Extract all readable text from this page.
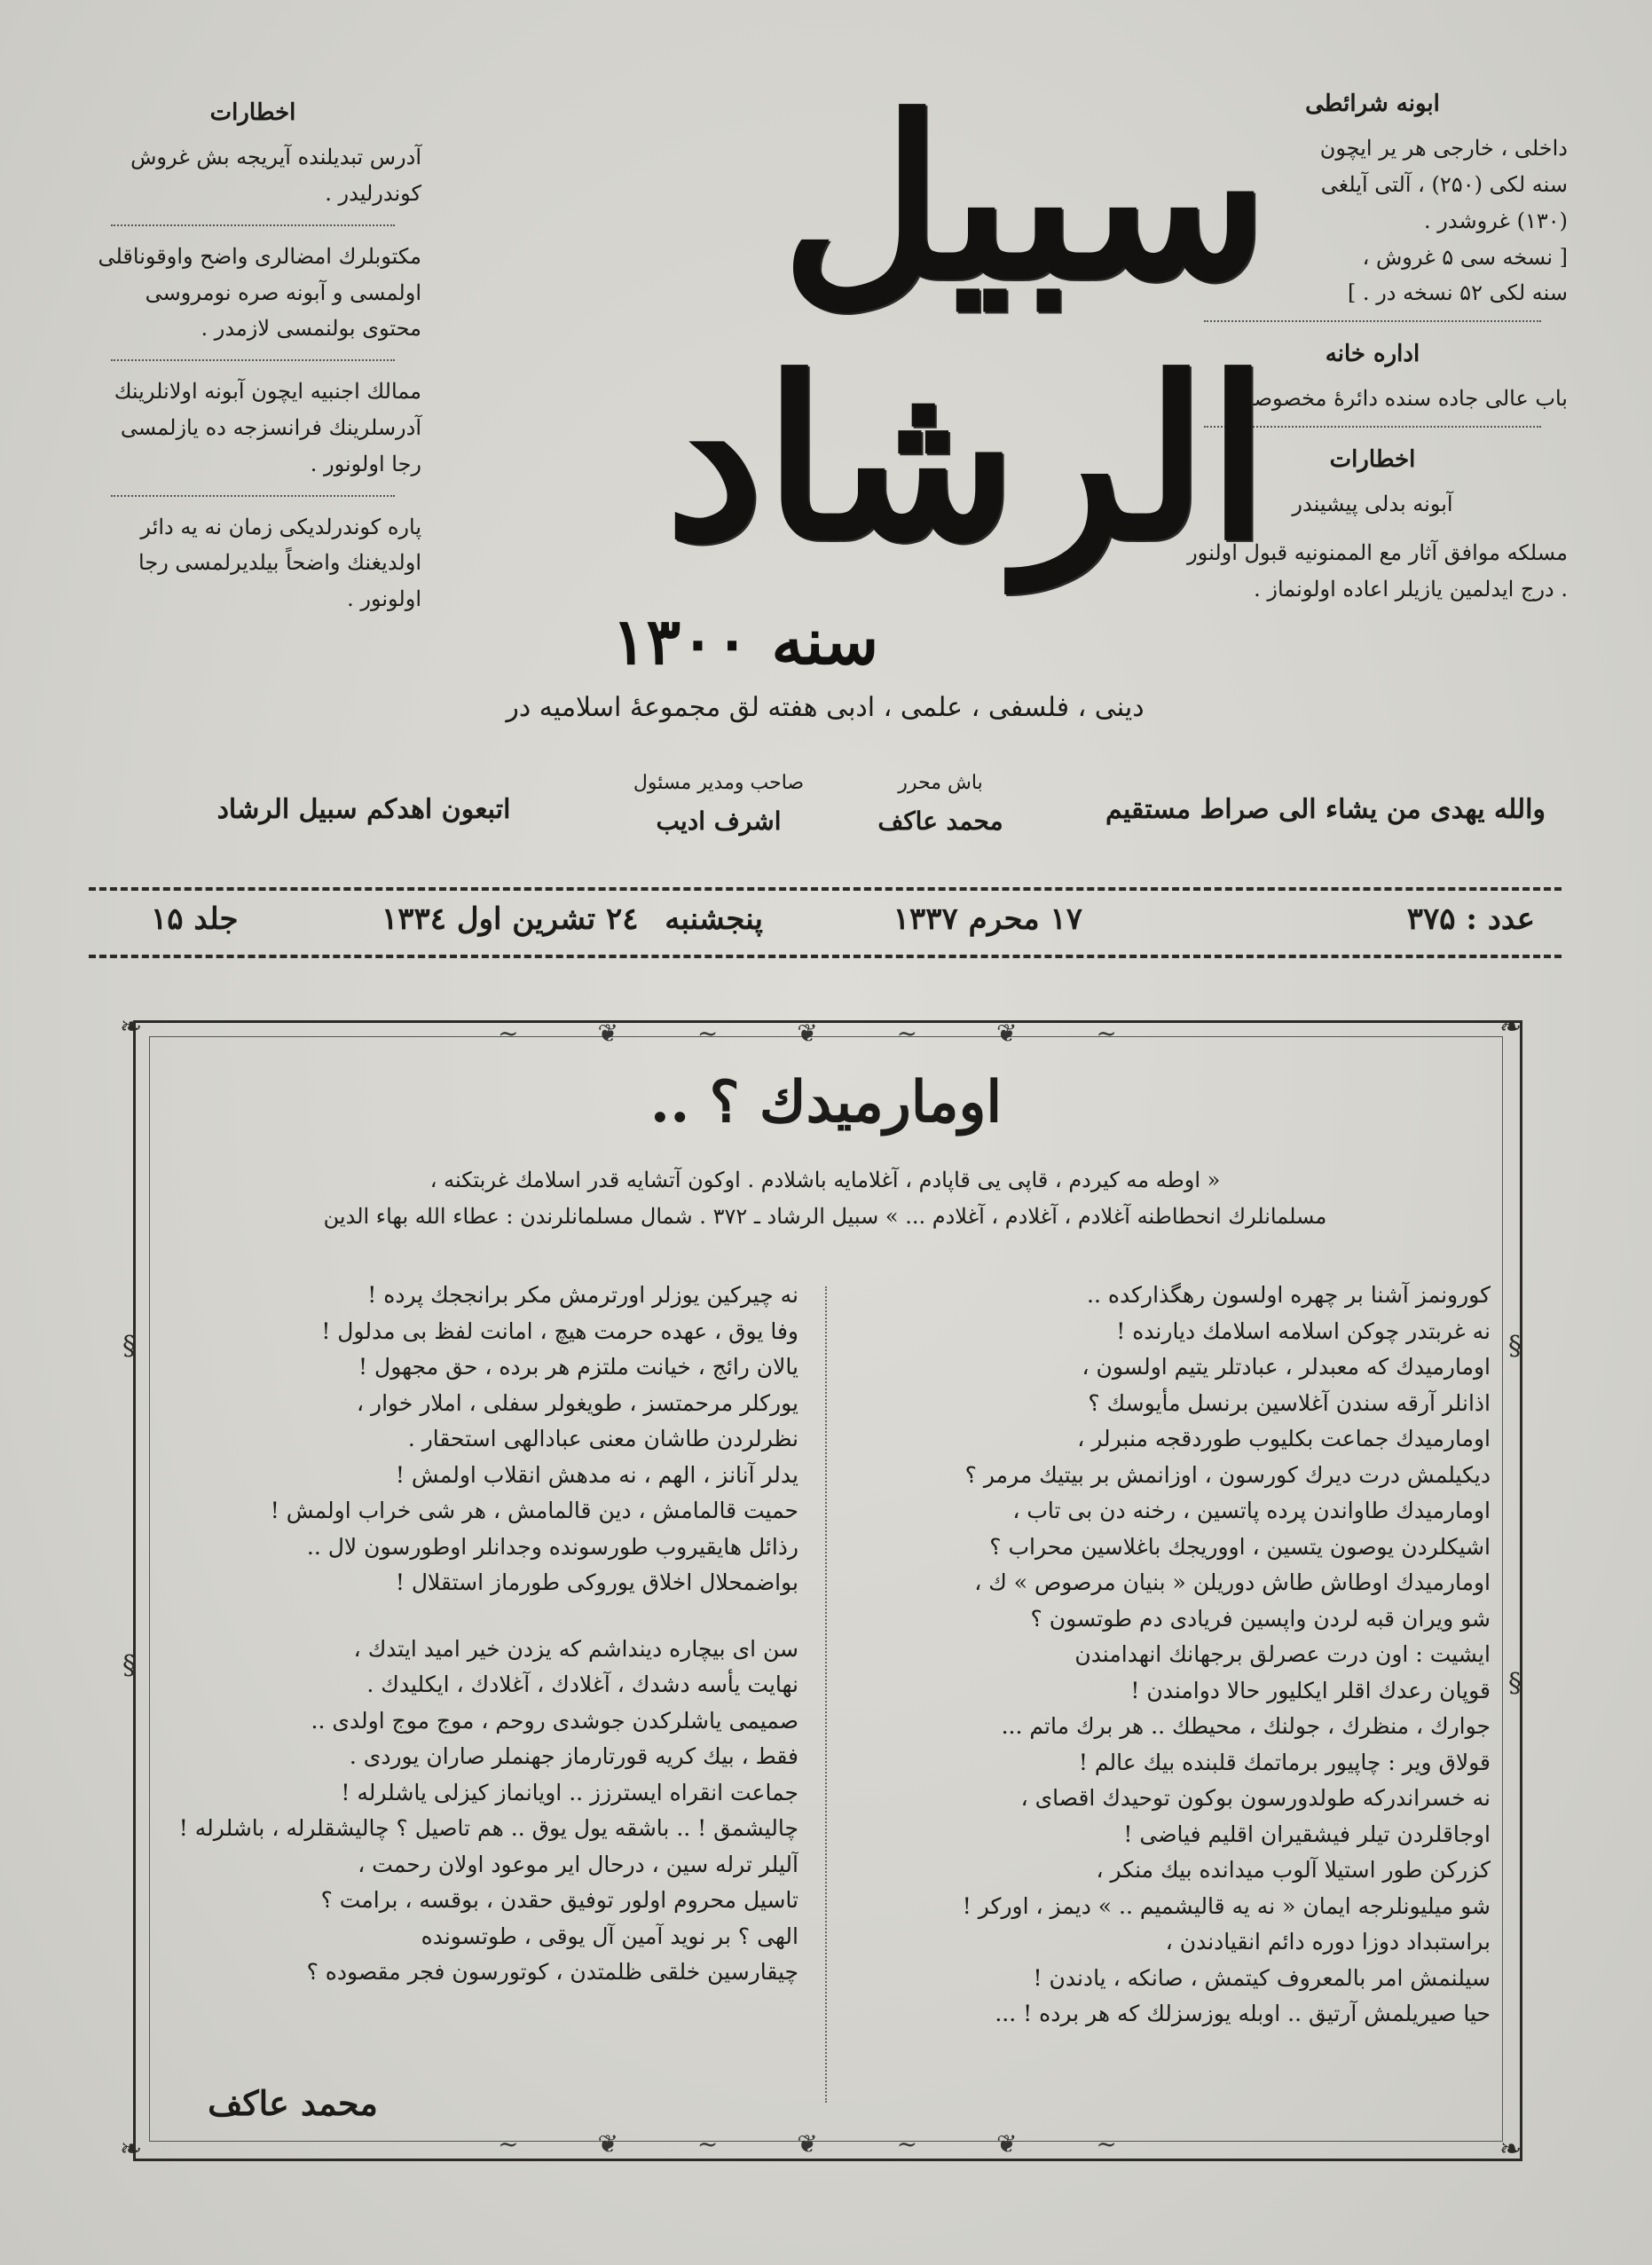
ابونه شرائطی
داخلی ، خارجی هر یر ایچون
سنه لکی (۲۵۰) ، آلتی آیلغی
(۱۳۰) غروشدر .
[ نسخه سی ۵ غروش ،
سنه لکی ۵۲ نسخه در . ]
اداره خانه
باب عالی جاده سنده دائرهٔ مخصوصه
اخطارات
آبونه بدلی پیشیندر
مسلکه موافق آثار مع الممنونیه قبول اولنور . درج ایدلمین یازیلر اعاده اولونماز .
اخطارات
آدرس تبدیلنده آیریجه بش غروش کوندرلیدر .
مکتوبلرك امضالری واضح واوقوناقلی اولمسی و آبونه صره نومروسی محتوی بولنمسی لازمدر .
ممالك اجنبیه ایچون آبونه اولانلرینك آدرسلرینك فرانسزجه ده یازلمسی رجا اولونور .
پاره کوندرلدیکی زمان نه یه دائر اولدیغنك واضحاً بیلدیرلمسی رجا اولونور .
سبیل الرشاد
سنه ۱۳۰۰
دینی ، فلسفی ، علمی ، ادبی هفته لق مجموعهٔ اسلامیه در
والله یهدی من یشاء الی صراط مستقیم
باش محرر
محمد عاکف
صاحب ومدیر مسئول
اشرف ادیب
اتبعون اهدکم سبیل الرشاد
عدد : ۳۷۵
۱۷ محرم ۱۳۳۷
پنجشنبه
۲٤ تشرین اول ۱۳۳٤
جلد ۱۵
~ ❦ ~ ❦ ~ ❦ ~
~ ❦ ~ ❦ ~ ❦ ~
❧	❧
❧	❧
§
§
§
§
اومارمیدك ؟ ..
« اوطه مه کیردم ، قاپی یی قاپادم ، آغلامایه باشلادم . اوکون آتشایه قدر اسلامك غربتکنه ،
مسلمانلرك انحطاطنه آغلادم ، آغلادم ، آغلادم ... » سبیل الرشاد ـ ۳۷۲ . شمال مسلمانلرندن : عطاء الله بهاء الدین
کورونمز آشنا بر چهره اولسون رهگذارکده ..
نه غربتدر چوکن اسلامه اسلامك دیارنده !
اومارمیدك که معبدلر ، عبادتلر یتیم اولسون ،
اذانلر آرقه سندن آغلاسین برنسل مأیوسك ؟
اومارمیدك جماعت بکلیوب طوردقجه منبرلر ،
دیکیلمش درت دیرك کورسون ، اوزانمش بر بیتیك مرمر ؟
اومارمیدك طاواندن پرده پاتسین ، رخنه دن بی تاب ،
اشیکلردن یوصون یتسین ، اووریجك باغلاسین محراب ؟
اومارمیدك اوطاش طاش دوریلن « بنیان مرصوص » ك ،
شو ویران قبه لردن واپسین فریادی دم طوتسون ؟
ایشیت : اون درت عصرلق برجهانك انهدامندن
قوپان رعدك اقلر ایکلیور حالا دوامندن !
جوارك ، منظرك ، جولنك ، محیطك .. هر برك ماتم ...
قولاق ویر : چاپیور برماتمك قلبنده بیك عالم !
نه خسراندرکه طولدورسون بوکون توحیدك اقصاى ،
اوجاقلردن تیلر فیشقیران اقلیم فیاضی !
کزرکن طور استیلا آلوب میدانده بیك منکر ،
شو میلیونلرجه ایمان « نه یه قالیشمیم .. » دیمز ، اورکر !
براستبداد دوزا دوره دائم انقیادندن ،
سیلنمش امر بالمعروف کیتمش ، صانکه ، یادندن !
حیا صیریلمش آرتیق .. اوبله یوزسزلك که هر برده ! ...
نه چیرکین یوزلر اورترمش مکر برانججك پرده !
وفا یوق ، عهده حرمت هیچ ، امانت لفظ بی مدلول !
یالان رائج ، خیانت ملتزم هر برده ، حق مجهول !
یورکلر مرحمتسز ، طویغولر سفلی ، املار خوار ،
نظرلردن طاشان معنی عبادالهی استحقار .
یدلر آنانز ، الهم ، نه مدهش انقلاب اولمش !
حمیت قالمامش ، دین قالمامش ، هر شی خراب اولمش !
رذائل هایقیروب طورسونده وجدانلر اوطورسون لال ..
بواضمحلال اخلاق یوروکی طورماز استقلال !
سن ای بیچاره دینداشم که یزدن خیر امید ایتدك ،
نهایت یأسه دشدك ، آغلادك ، آغلادك ، ایکلیدك .
صمیمی یاشلرکدن جوشدی روحم ، موج موج اولدی ..
فقط ، بیك کریه قورتارماز جهنملر صاران یوردی .
جماعت انقراه ایسترزز .. اویانماز کیزلی یاشلرله !
چالیشمق ! .. باشقه یول یوق .. هم تاصیل ؟ چالیشقلرله ، باشلرله !
آلیلر ترله سین ، درحال ایر موعود اولان رحمت ،
تاسیل محروم اولور توفیق حقدن ، بوقسه ، برامت ؟
الهی ؟ بر نوید آمین آل یوقی ، طوتسونده
چیقارسین خلقی ظلمتدن ، کوتورسون فجر مقصوده ؟
محمد عاکف
